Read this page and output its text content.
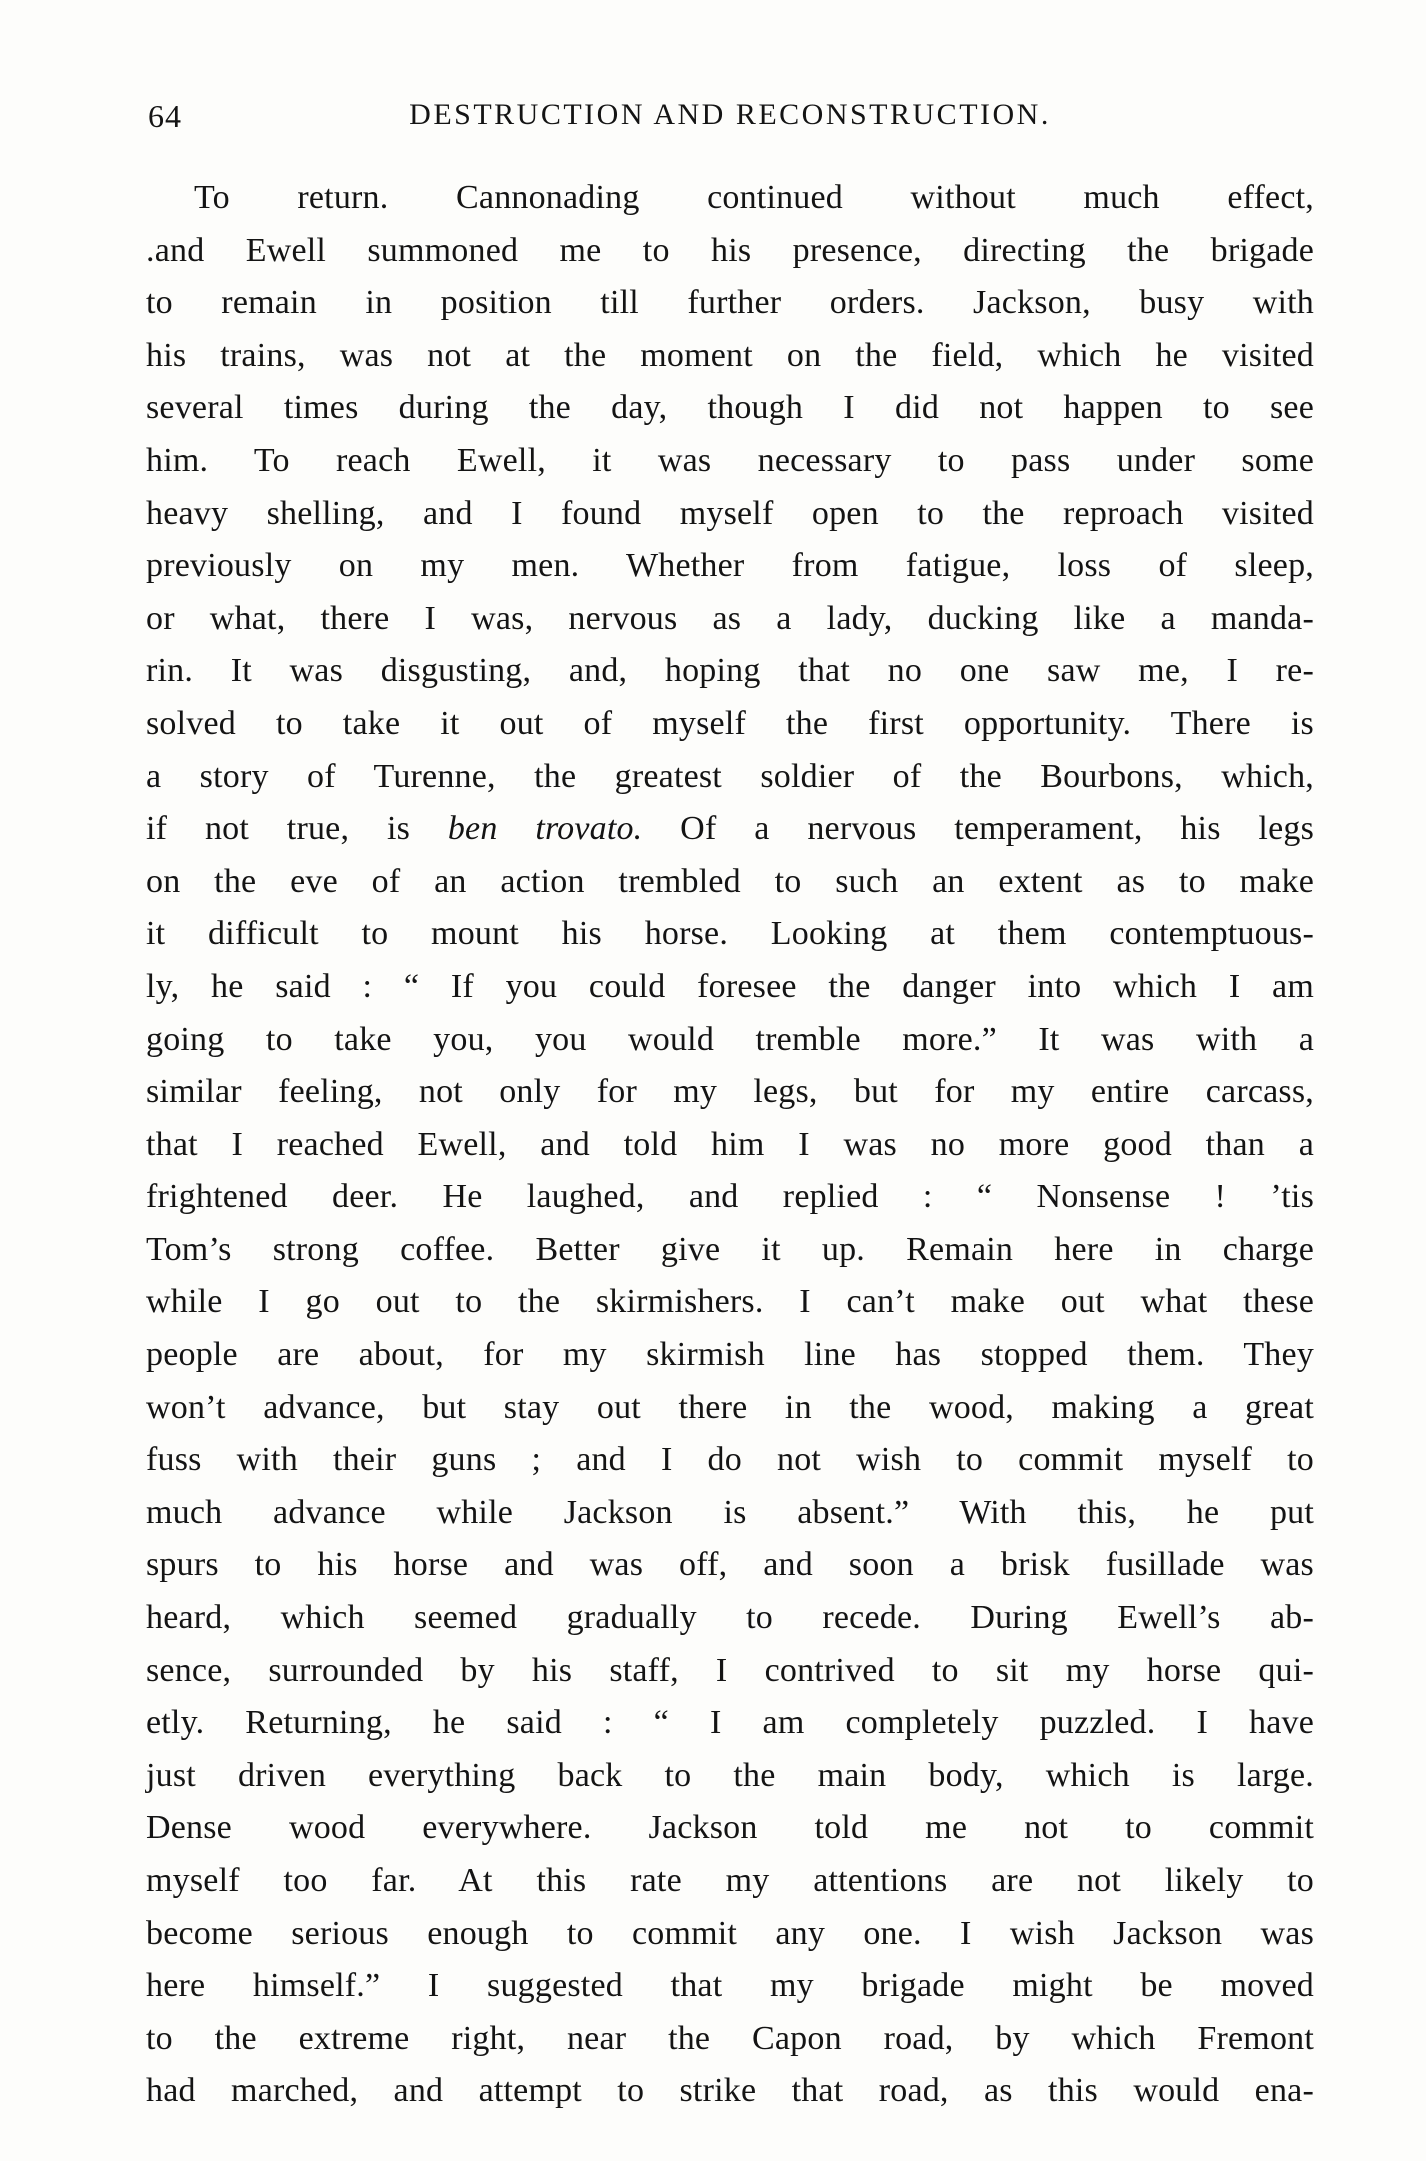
64	DESTRUCTION AND RECONSTRUCTION.
To return. Cannonading continued without much effect,
.and Ewell summoned me to his presence, directing the brigade
to remain in position till further orders. Jackson, busy with
his trains, was not at the moment on the field, which he visited
several times during the day, though I did not happen to see
him. To reach Ewell, it was necessary to pass under some
heavy shelling, and I found myself open to the reproach visited
previously on my men. Whether from fatigue, loss of sleep,
or what, there I was, nervous as a lady, ducking like a manda-
rin. It was disgusting, and, hoping that no one saw me, I re-
solved to take it out of myself the first opportunity. There is
a story of Turenne, the greatest soldier of the Bourbons, which,
if not true, is ben trovato. Of a nervous temperament, his legs
on the eve of an action trembled to such an extent as to make
it difficult to mount his horse. Looking at them contemptuous-
ly, he said : “ If you could foresee the danger into which I am
going to take you, you would tremble more.” It was with a
similar feeling, not only for my legs, but for my entire carcass,
that I reached Ewell, and told him I was no more good than a
frightened deer. He laughed, and replied : “ Nonsense ! ’tis
Tom’s strong coffee. Better give it up. Remain here in charge
while I go out to the skirmishers. I can’t make out what these
people are about, for my skirmish line has stopped them. They
won’t advance, but stay out there in the wood, making a great
fuss with their guns ; and I do not wish to commit myself to
much advance while Jackson is absent.” With this, he put
spurs to his horse and was off, and soon a brisk fusillade was
heard, which seemed gradually to recede. During Ewell’s ab-
sence, surrounded by his staff, I contrived to sit my horse qui-
etly. Returning, he said : “ I am completely puzzled. I have
just driven everything back to the main body, which is large.
Dense wood everywhere. Jackson told me not to commit
myself too far. At this rate my attentions are not likely to
become serious enough to commit any one. I wish Jackson was
here himself.” I suggested that my brigade might be moved
to the extreme right, near the Capon road, by which Fremont
had marched, and attempt to strike that road, as this would ena-
